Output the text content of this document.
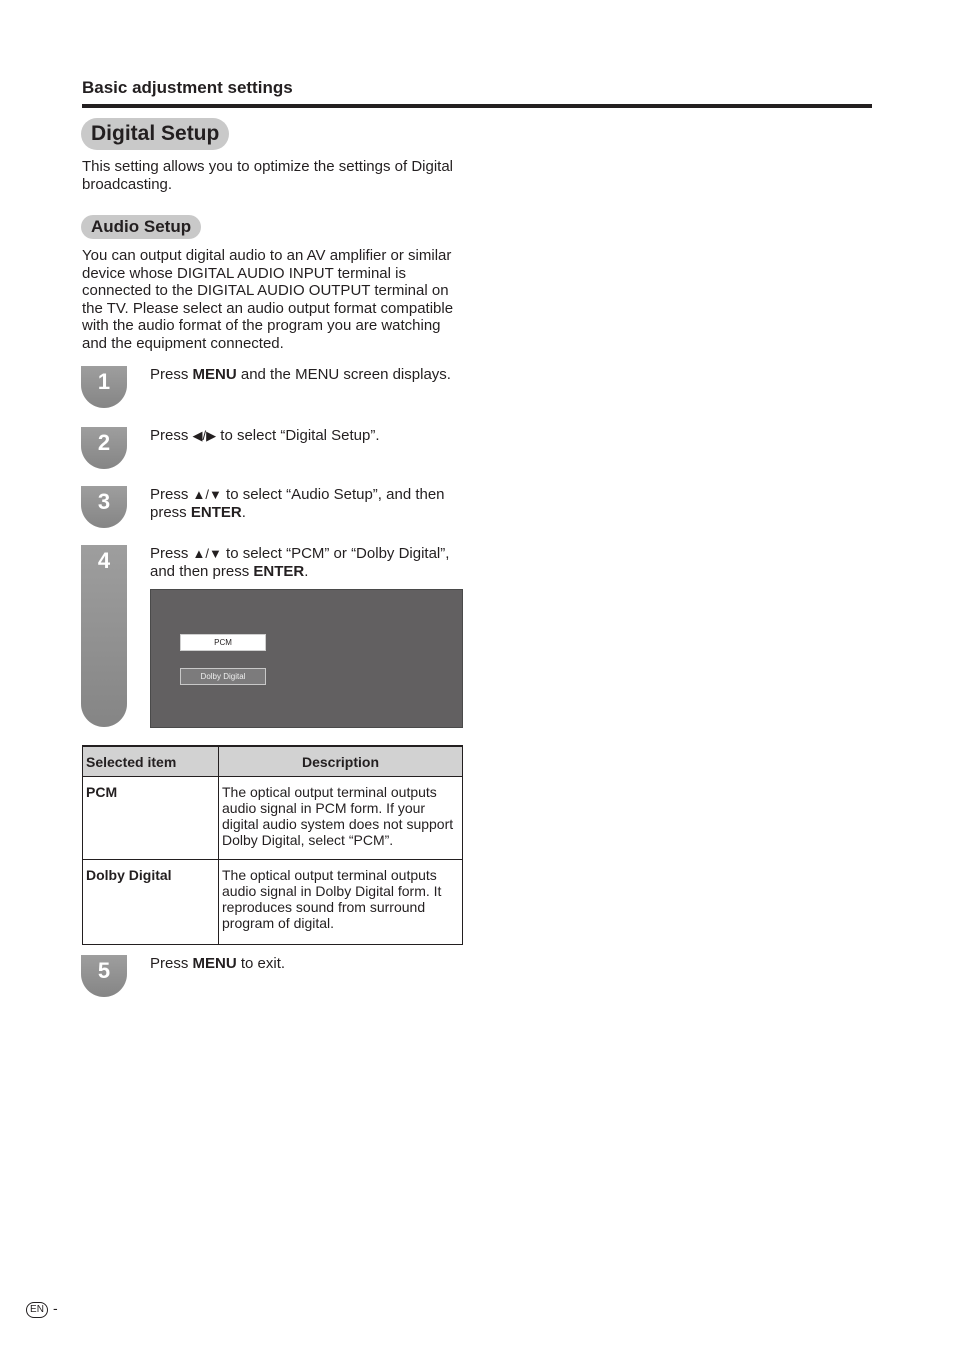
Basic adjustment settings
Digital Setup
This setting allows you to optimize the settings of Digital broadcasting.
Audio Setup
You can output digital audio to an AV amplifier or similar device whose DIGITAL AUDIO INPUT terminal is connected to the DIGITAL AUDIO OUTPUT terminal on the TV. Please select an audio output format compatible with the audio format of the program you are watching and the equipment connected.
1	Press MENU and the MENU screen displays.
2	Press ◀/▶ to select “Digital Setup”.
3	Press ▲/▼ to select “Audio Setup”, and then press ENTER.
4	Press ▲/▼ to select “PCM” or “Dolby Digital”, and then press ENTER.
PCM
Dolby Digital
Selected item	Description
PCM	The optical output terminal outputs audio signal in PCM form. If your digital audio system does not support Dolby Digital, select “PCM”.
Dolby Digital	The optical output terminal outputs audio signal in Dolby Digital form. It reproduces sound from surround program of digital.
5	Press MENU to exit.
EN -
